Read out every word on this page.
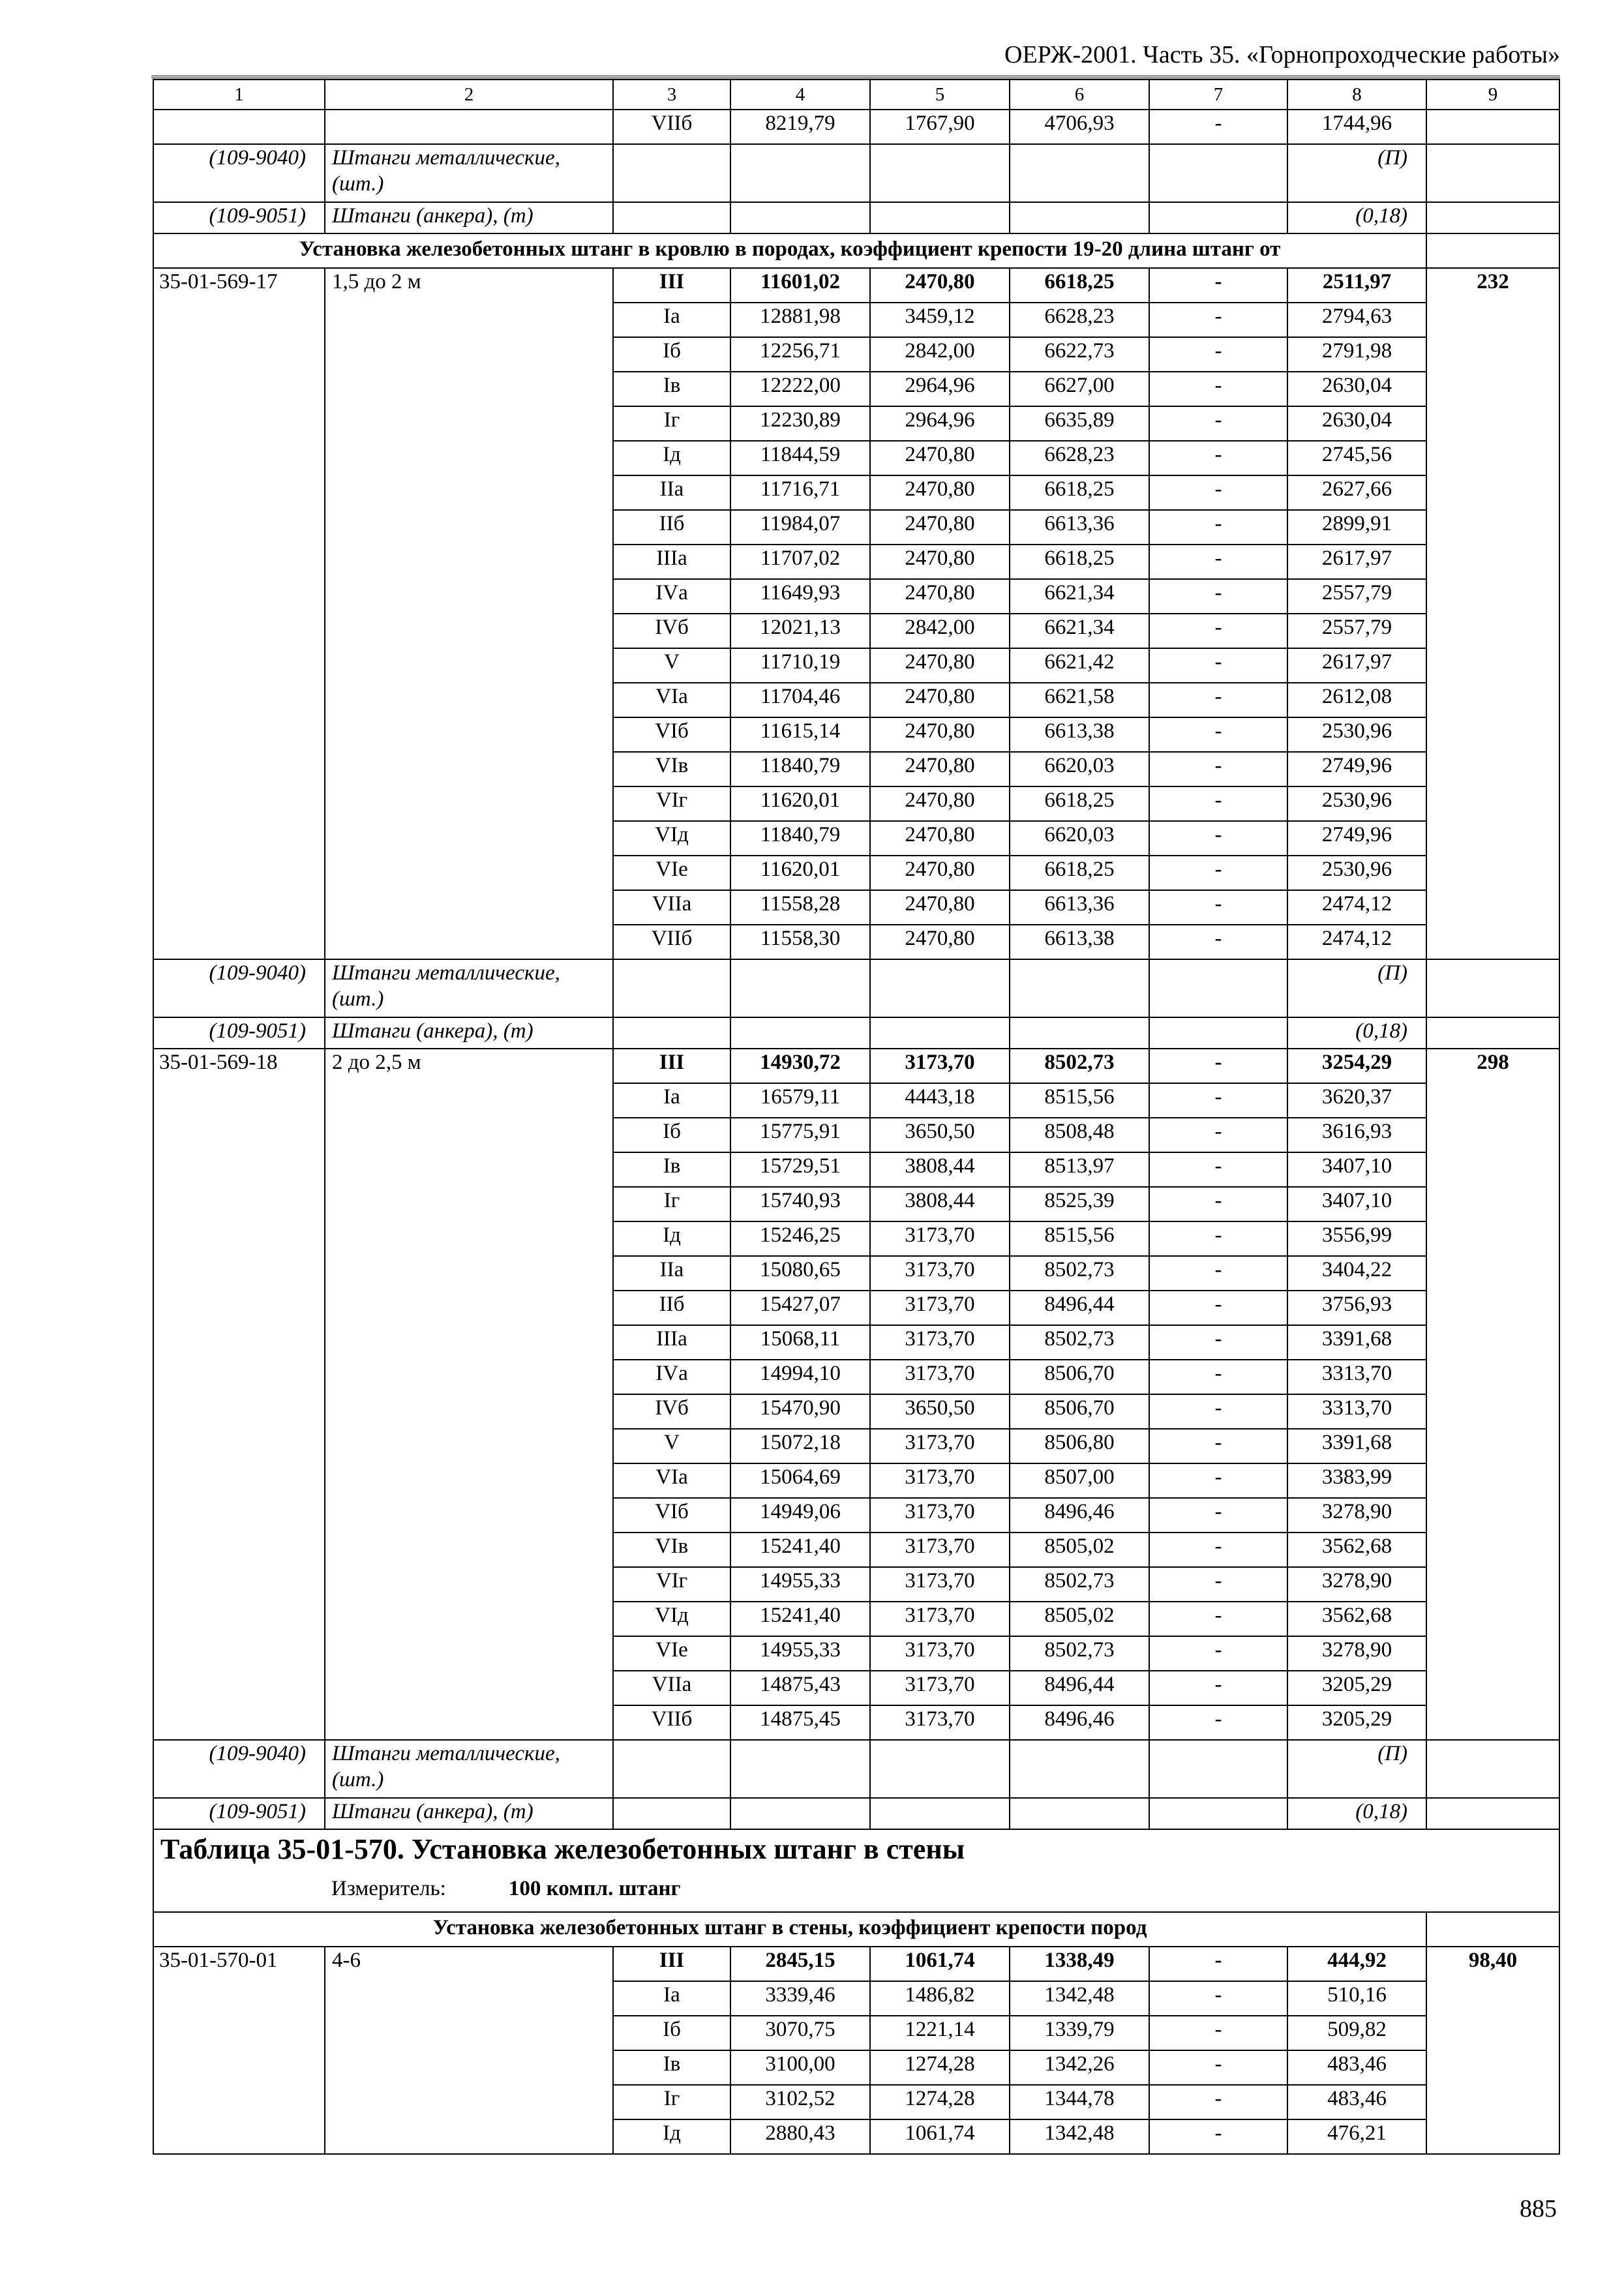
ОЕРЖ-2001. Часть 35. «Горнопроходческие работы»
1	2	3	4	5	6	7	8	9
		VIIб	8219,79	1767,90	4706,93	-	1744,96	
(109-9040)	Штанги металлические, (шт.)						(П)	
(109-9051)	Штанги (анкера), (т)						(0,18)	
Установка железобетонных штанг в кровлю в породах, коэффициент крепости 19-20 длина штанг от								
35-01-569-17	1,5 до 2 м	III	11601,02	2470,80	6618,25	-	2511,97	232
		Iа	12881,98	3459,12	6628,23	-	2794,63	
		Iб	12256,71	2842,00	6622,73	-	2791,98	
		Iв	12222,00	2964,96	6627,00	-	2630,04	
		Iг	12230,89	2964,96	6635,89	-	2630,04	
		Iд	11844,59	2470,80	6628,23	-	2745,56	
		IIа	11716,71	2470,80	6618,25	-	2627,66	
		IIб	11984,07	2470,80	6613,36	-	2899,91	
		IIIа	11707,02	2470,80	6618,25	-	2617,97	
		IVа	11649,93	2470,80	6621,34	-	2557,79	
		IVб	12021,13	2842,00	6621,34	-	2557,79	
		V	11710,19	2470,80	6621,42	-	2617,97	
		VIа	11704,46	2470,80	6621,58	-	2612,08	
		VIб	11615,14	2470,80	6613,38	-	2530,96	
		VIв	11840,79	2470,80	6620,03	-	2749,96	
		VIг	11620,01	2470,80	6618,25	-	2530,96	
		VIд	11840,79	2470,80	6620,03	-	2749,96	
		VIе	11620,01	2470,80	6618,25	-	2530,96	
		VIIа	11558,28	2470,80	6613,36	-	2474,12	
		VIIб	11558,30	2470,80	6613,38	-	2474,12	
(109-9040)	Штанги металлические, (шт.)						(П)	
(109-9051)	Штанги (анкера), (т)						(0,18)	
35-01-569-18	2 до 2,5 м	III	14930,72	3173,70	8502,73	-	3254,29	298
		Iа	16579,11	4443,18	8515,56	-	3620,37	
		Iб	15775,91	3650,50	8508,48	-	3616,93	
		Iв	15729,51	3808,44	8513,97	-	3407,10	
		Iг	15740,93	3808,44	8525,39	-	3407,10	
		Iд	15246,25	3173,70	8515,56	-	3556,99	
		IIа	15080,65	3173,70	8502,73	-	3404,22	
		IIб	15427,07	3173,70	8496,44	-	3756,93	
		IIIа	15068,11	3173,70	8502,73	-	3391,68	
		IVа	14994,10	3173,70	8506,70	-	3313,70	
		IVб	15470,90	3650,50	8506,70	-	3313,70	
		V	15072,18	3173,70	8506,80	-	3391,68	
		VIа	15064,69	3173,70	8507,00	-	3383,99	
		VIб	14949,06	3173,70	8496,46	-	3278,90	
		VIв	15241,40	3173,70	8505,02	-	3562,68	
		VIг	14955,33	3173,70	8502,73	-	3278,90	
		VIд	15241,40	3173,70	8505,02	-	3562,68	
		VIе	14955,33	3173,70	8502,73	-	3278,90	
		VIIа	14875,43	3173,70	8496,44	-	3205,29	
		VIIб	14875,45	3173,70	8496,46	-	3205,29	
(109-9040)	Штанги металлические, (шт.)						(П)	
(109-9051)	Штанги (анкера), (т)						(0,18)	

Таблица 35-01-570. Установка железобетонных штанг в стены
Измеритель: 100 компл. штанг								

Установка железобетонных штанг в стены, коэффициент крепости пород								
35-01-570-01	4-6	III	2845,15	1061,74	1338,49	-	444,92	98,40
		Iа	3339,46	1486,82	1342,48	-	510,16	
		Iб	3070,75	1221,14	1339,79	-	509,82	
		Iв	3100,00	1274,28	1342,26	-	483,46	
		Iг	3102,52	1274,28	1344,78	-	483,46	
		Iд	2880,43	1061,74	1342,48	-	476,21	
885
